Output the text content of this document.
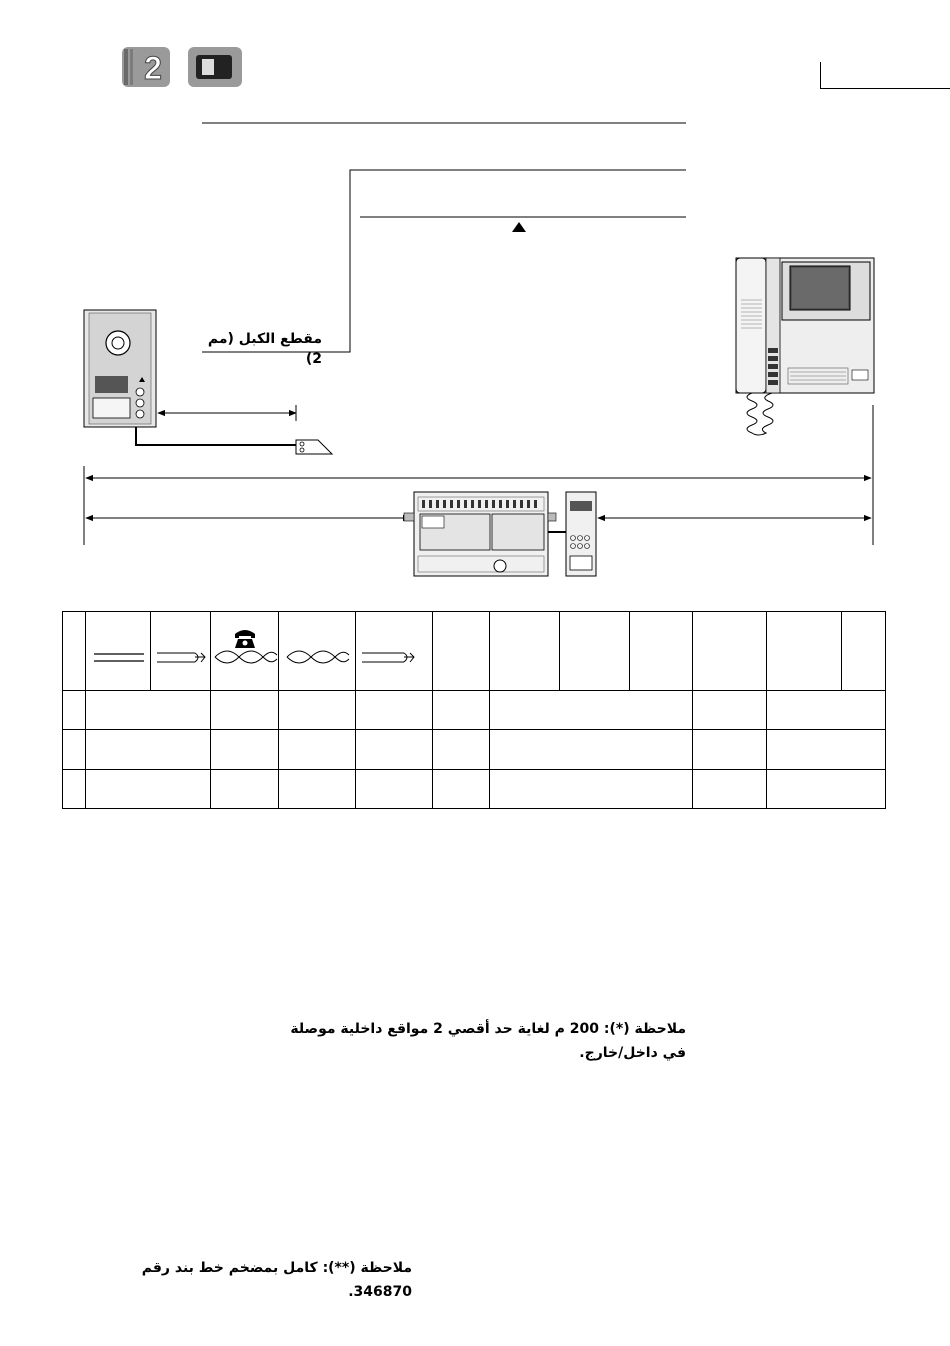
2
مقطع الكبل (مم 2)

ملاحظة (*): 200 م لغاية حد أقصي 2 مواقع داخلية موصلة في داخل/خارج.
ملاحظة (**): كامل بمضخم خط بند رقم 346870.
